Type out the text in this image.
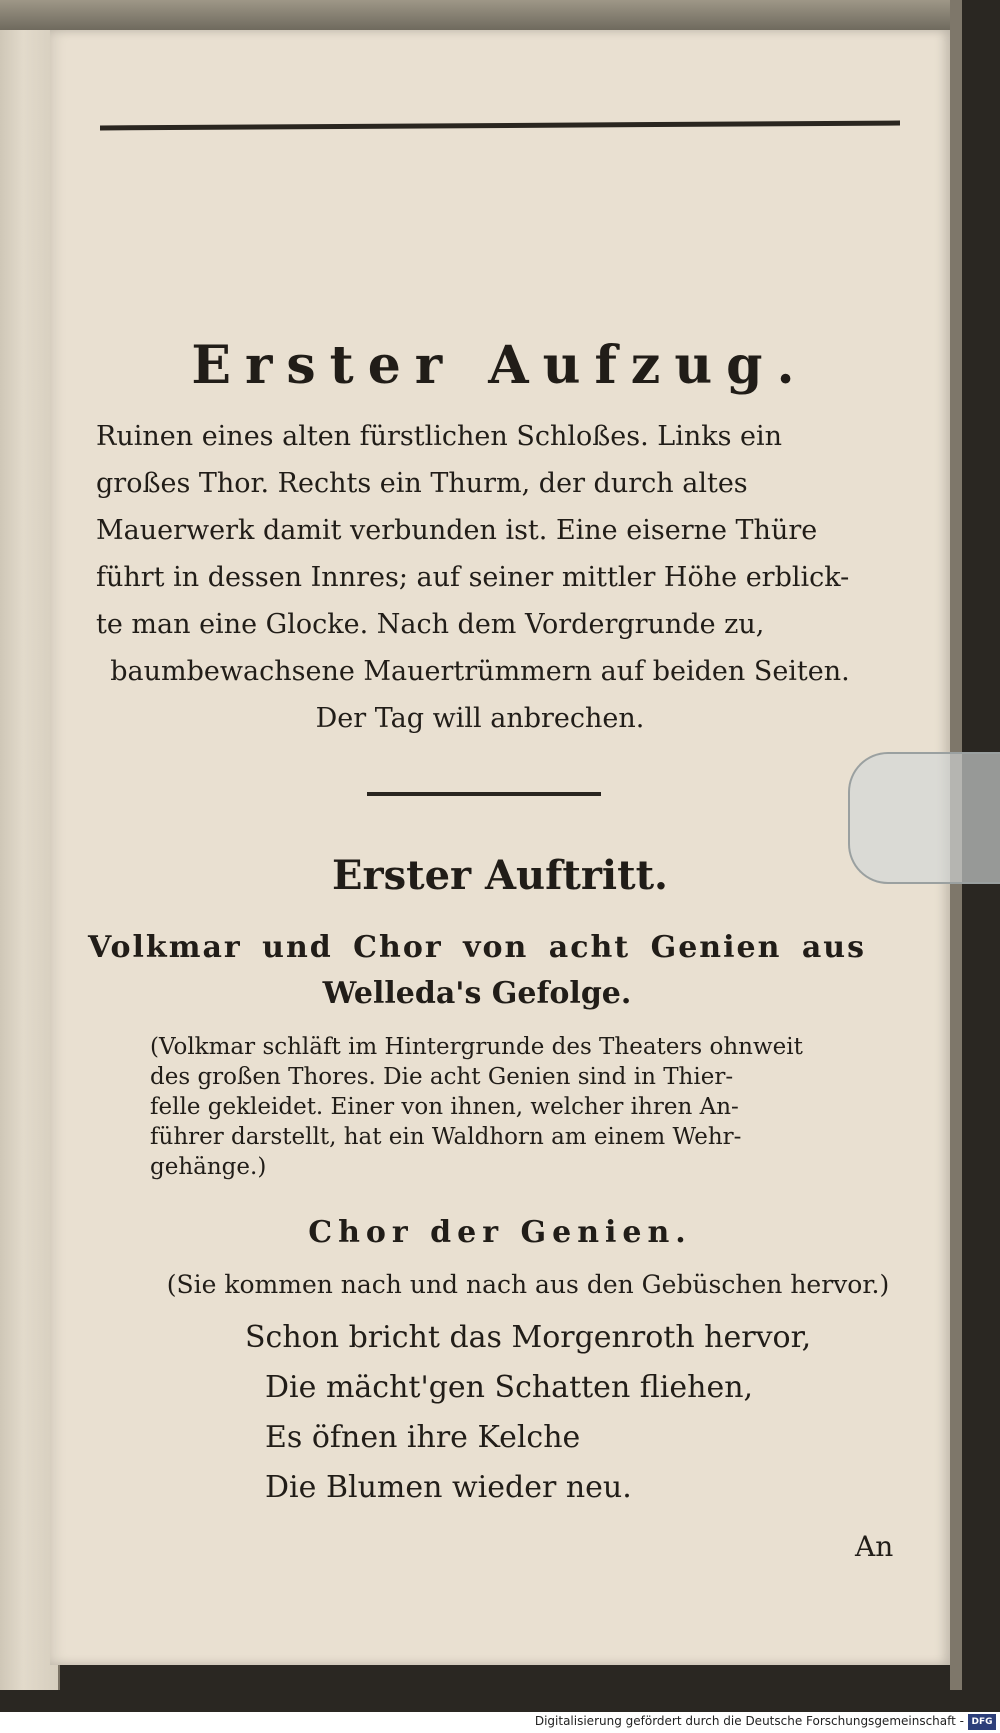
Erster Aufzug.
Ruinen eines alten fürstlichen Schloßes. Links ein
großes Thor. Rechts ein Thurm, der durch altes
Mauerwerk damit verbunden ist. Eine eiserne Thüre
führt in dessen Innres; auf seiner mittler Höhe erblick-
te man eine Glocke. Nach dem Vordergrunde zu,
baumbewachsene Mauertrümmern auf beiden Seiten.
Der Tag will anbrechen.
Erster Auftritt.
Volkmar und Chor von acht Genien aus
Welleda's Gefolge.
(Volkmar schläft im Hintergrunde des Theaters ohnweit
des großen Thores. Die acht Genien sind in Thier-
felle gekleidet. Einer von ihnen, welcher ihren An-
führer darstellt, hat ein Waldhorn am einem Wehr-
gehänge.)
Chor der Genien.
(Sie kommen nach und nach aus den Gebüschen hervor.)
Schon bricht das Morgenroth hervor,
Die mächt'gen Schatten fliehen,
Es öfnen ihre Kelche
Die Blumen wieder neu.
An
Digitalisierung gefördert durch die Deutsche Forschungsgemeinschaft - DFG
